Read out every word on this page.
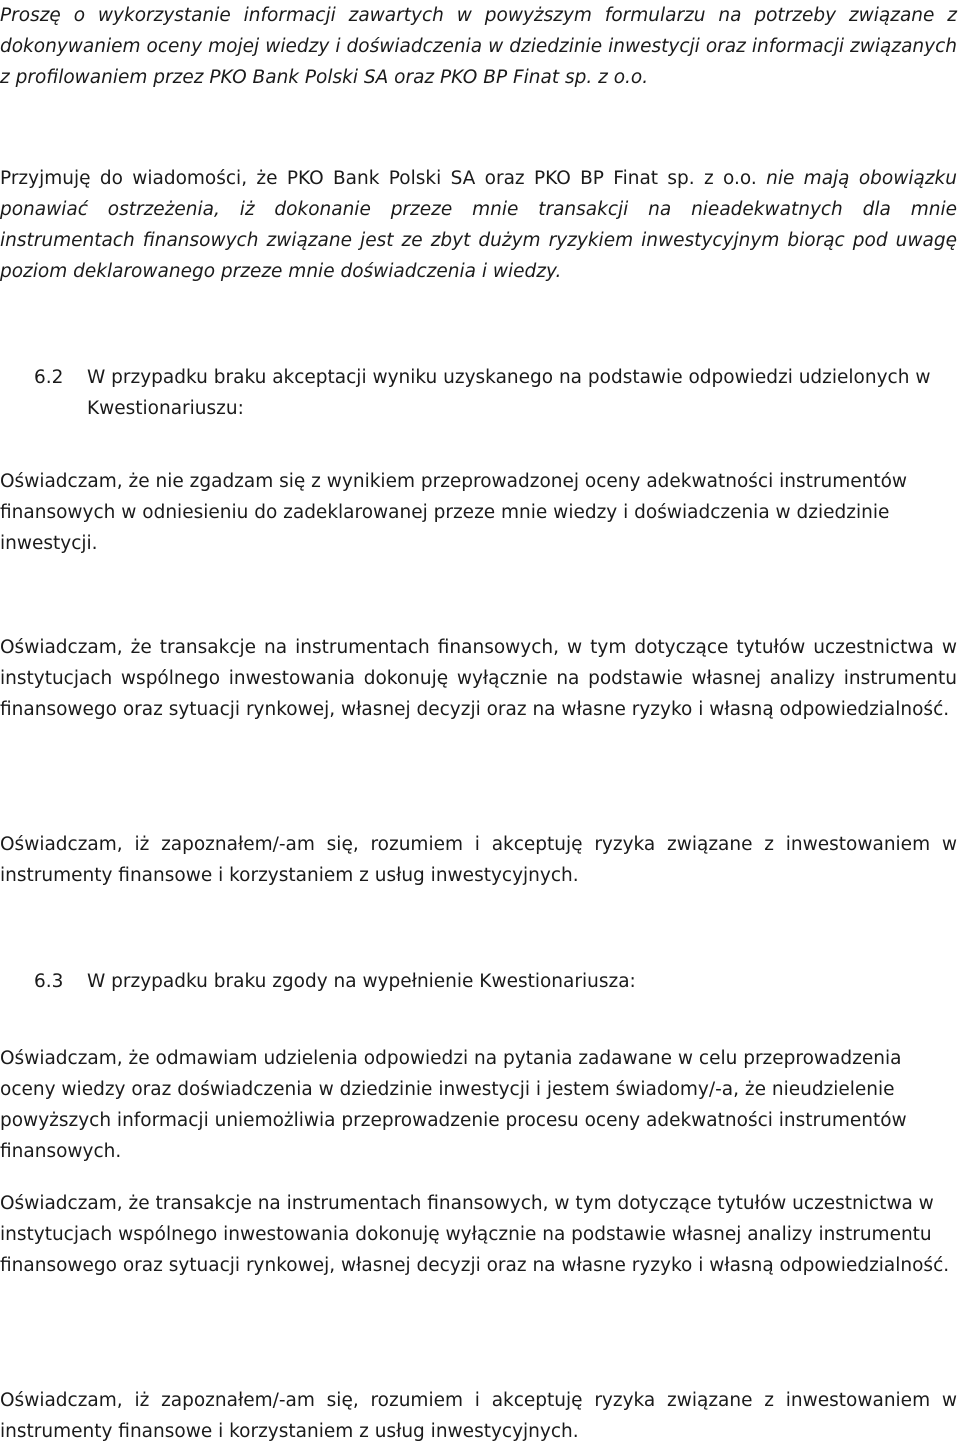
Proszę o wykorzystanie informacji zawartych w powyższym formularzu na potrzeby związane z dokonywaniem oceny mojej wiedzy i doświadczenia w dziedzinie inwestycji oraz informacji związanych z profilowaniem przez PKO Bank Polski SA oraz PKO BP Finat sp. z o.o.

Przyjmuję do wiadomości, że PKO Bank Polski SA oraz PKO BP Finat sp. z o.o. nie mają obowiązku ponawiać ostrzeżenia, iż dokonanie przeze mnie transakcji na nieadekwatnych dla mnie instrumentach finansowych związane jest ze zbyt dużym ryzykiem inwestycyjnym biorąc pod uwagę poziom deklarowanego przeze mnie doświadczenia i wiedzy.

6.2 W przypadku braku akceptacji wyniku uzyskanego na podstawie odpowiedzi udzielonych w Kwestionariuszu:

Oświadczam, że nie zgadzam się z wynikiem przeprowadzonej oceny adekwatności instrumentów finansowych w odniesieniu do zadeklarowanej przeze mnie wiedzy i doświadczenia w dziedzinie inwestycji.

Oświadczam, że transakcje na instrumentach finansowych, w tym dotyczące tytułów uczestnictwa w instytucjach wspólnego inwestowania dokonuję wyłącznie na podstawie własnej analizy instrumentu finansowego oraz sytuacji rynkowej, własnej decyzji oraz na własne ryzyko i własną odpowiedzialność.

Oświadczam, iż zapoznałem/-am się, rozumiem i akceptuję ryzyka związane z inwestowaniem w instrumenty finansowe i korzystaniem z usług inwestycyjnych.

6.3 W przypadku braku zgody na wypełnienie Kwestionariusza:

Oświadczam, że odmawiam udzielenia odpowiedzi na pytania zadawane w celu przeprowadzenia oceny wiedzy oraz doświadczenia w dziedzinie inwestycji i jestem świadomy/-a, że nieudzielenie powyższych informacji uniemożliwia przeprowadzenie procesu oceny adekwatności instrumentów finansowych.

Oświadczam, że transakcje na instrumentach finansowych, w tym dotyczące tytułów uczestnictwa w instytucjach wspólnego inwestowania dokonuję wyłącznie na podstawie własnej analizy instrumentu finansowego oraz sytuacji rynkowej, własnej decyzji oraz na własne ryzyko i własną odpowiedzialność.

Oświadczam, iż zapoznałem/-am się, rozumiem i akceptuję ryzyka związane z inwestowaniem w instrumenty finansowe i korzystaniem z usług inwestycyjnych.
